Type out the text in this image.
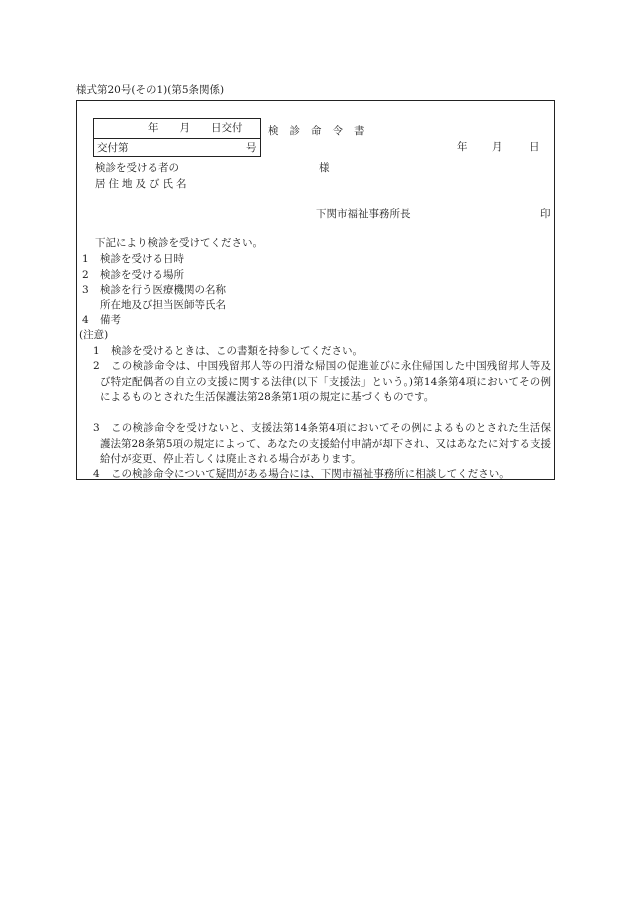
様式第20号(その1)(第5条関係)
年　　月　　日交付
交付第	号
検診命令書
年 月	日
検診を受ける者の
居住地及び氏名
様
下関市福祉事務所長	印
下記により検診を受けてください。
1 検診を受ける日時
2 検診を受ける場所
3 検診を行う医療機関の名称
所在地及び担当医師等氏名
4 備考
(注意)
1 検診を受けるときは、この書類を持参してください。
2	この検診命令は、中国残留邦人等の円滑な帰国の促進並びに永住帰国した中国残留邦人等及び特定配偶者の自立の支援に関する法律(以下「支援法」という。)第14条第4項においてその例によるものとされた生活保護法第28条第1項の規定に基づくものです。
3	この検診命令を受けないと、支援法第14条第4項においてその例によるものとされた生活保護法第28条第5項の規定によって、あなたの支援給付申請が却下され、又はあなたに対する支援給付が変更、停止若しくは廃止される場合があります。
4 この検診命令について疑問がある場合には、下関市福祉事務所に相談してください。
